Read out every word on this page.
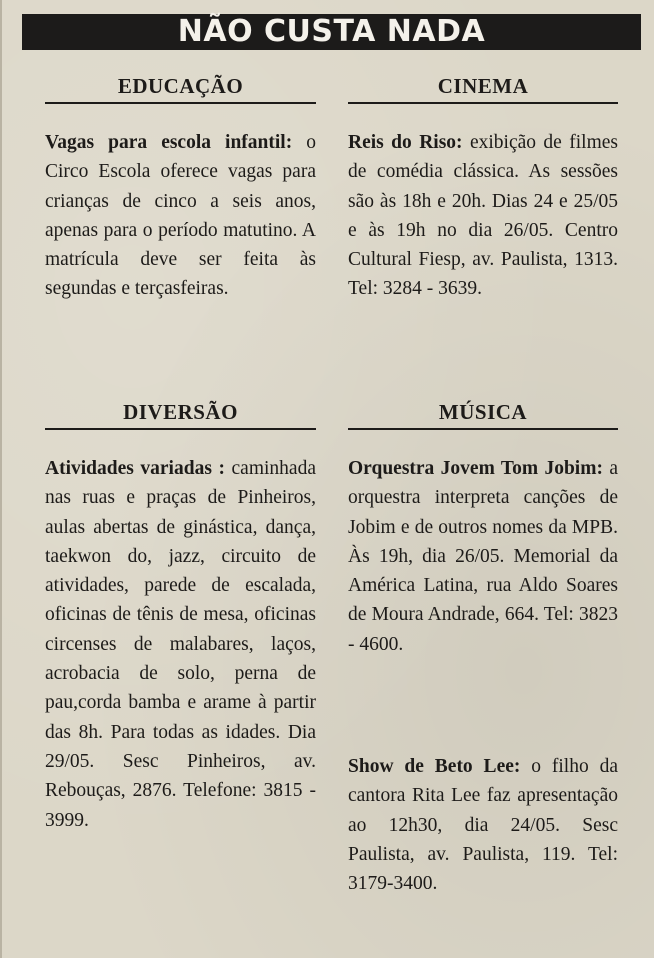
NÃO CUSTA NADA
EDUCAÇÃO

Vagas para escola infantil: o Circo Escola oferece vagas para crianças de cinco a seis anos, apenas para o período matutino. A matrícula deve ser feita às segundas e terçasfeiras.

CINEMA

Reis do Riso: exibição de filmes de comédia clássica. As sessões são às 18h e 20h. Dias 24 e 25/05 e às 19h no dia 26/05. Centro Cultural Fiesp, av. Paulista, 1313. Tel: 3284 - 3639.

DIVERSÃO

Atividades variadas : caminhada nas ruas e praças de Pinheiros, aulas abertas de ginástica, dança, taekwon do, jazz, circuito de atividades, parede de escalada, oficinas de tênis de mesa, oficinas circenses de malabares, laços, acrobacia de solo, perna de pau,corda bamba e arame à partir das 8h. Para todas as idades. Dia 29/05. Sesc Pinheiros, av. Rebouças, 2876. Telefone: 3815 - 3999.

MÚSICA

Orquestra Jovem Tom Jobim: a orquestra interpreta canções de Jobim e de outros nomes da MPB. Às 19h, dia 26/05. Memorial da América Latina, rua Aldo Soares de Moura Andrade, 664. Tel: 3823 - 4600.

Show de Beto Lee: o filho da cantora Rita Lee faz apresentação ao 12h30, dia 24/05. Sesc Paulista, av. Paulista, 119. Tel: 3179-3400.
